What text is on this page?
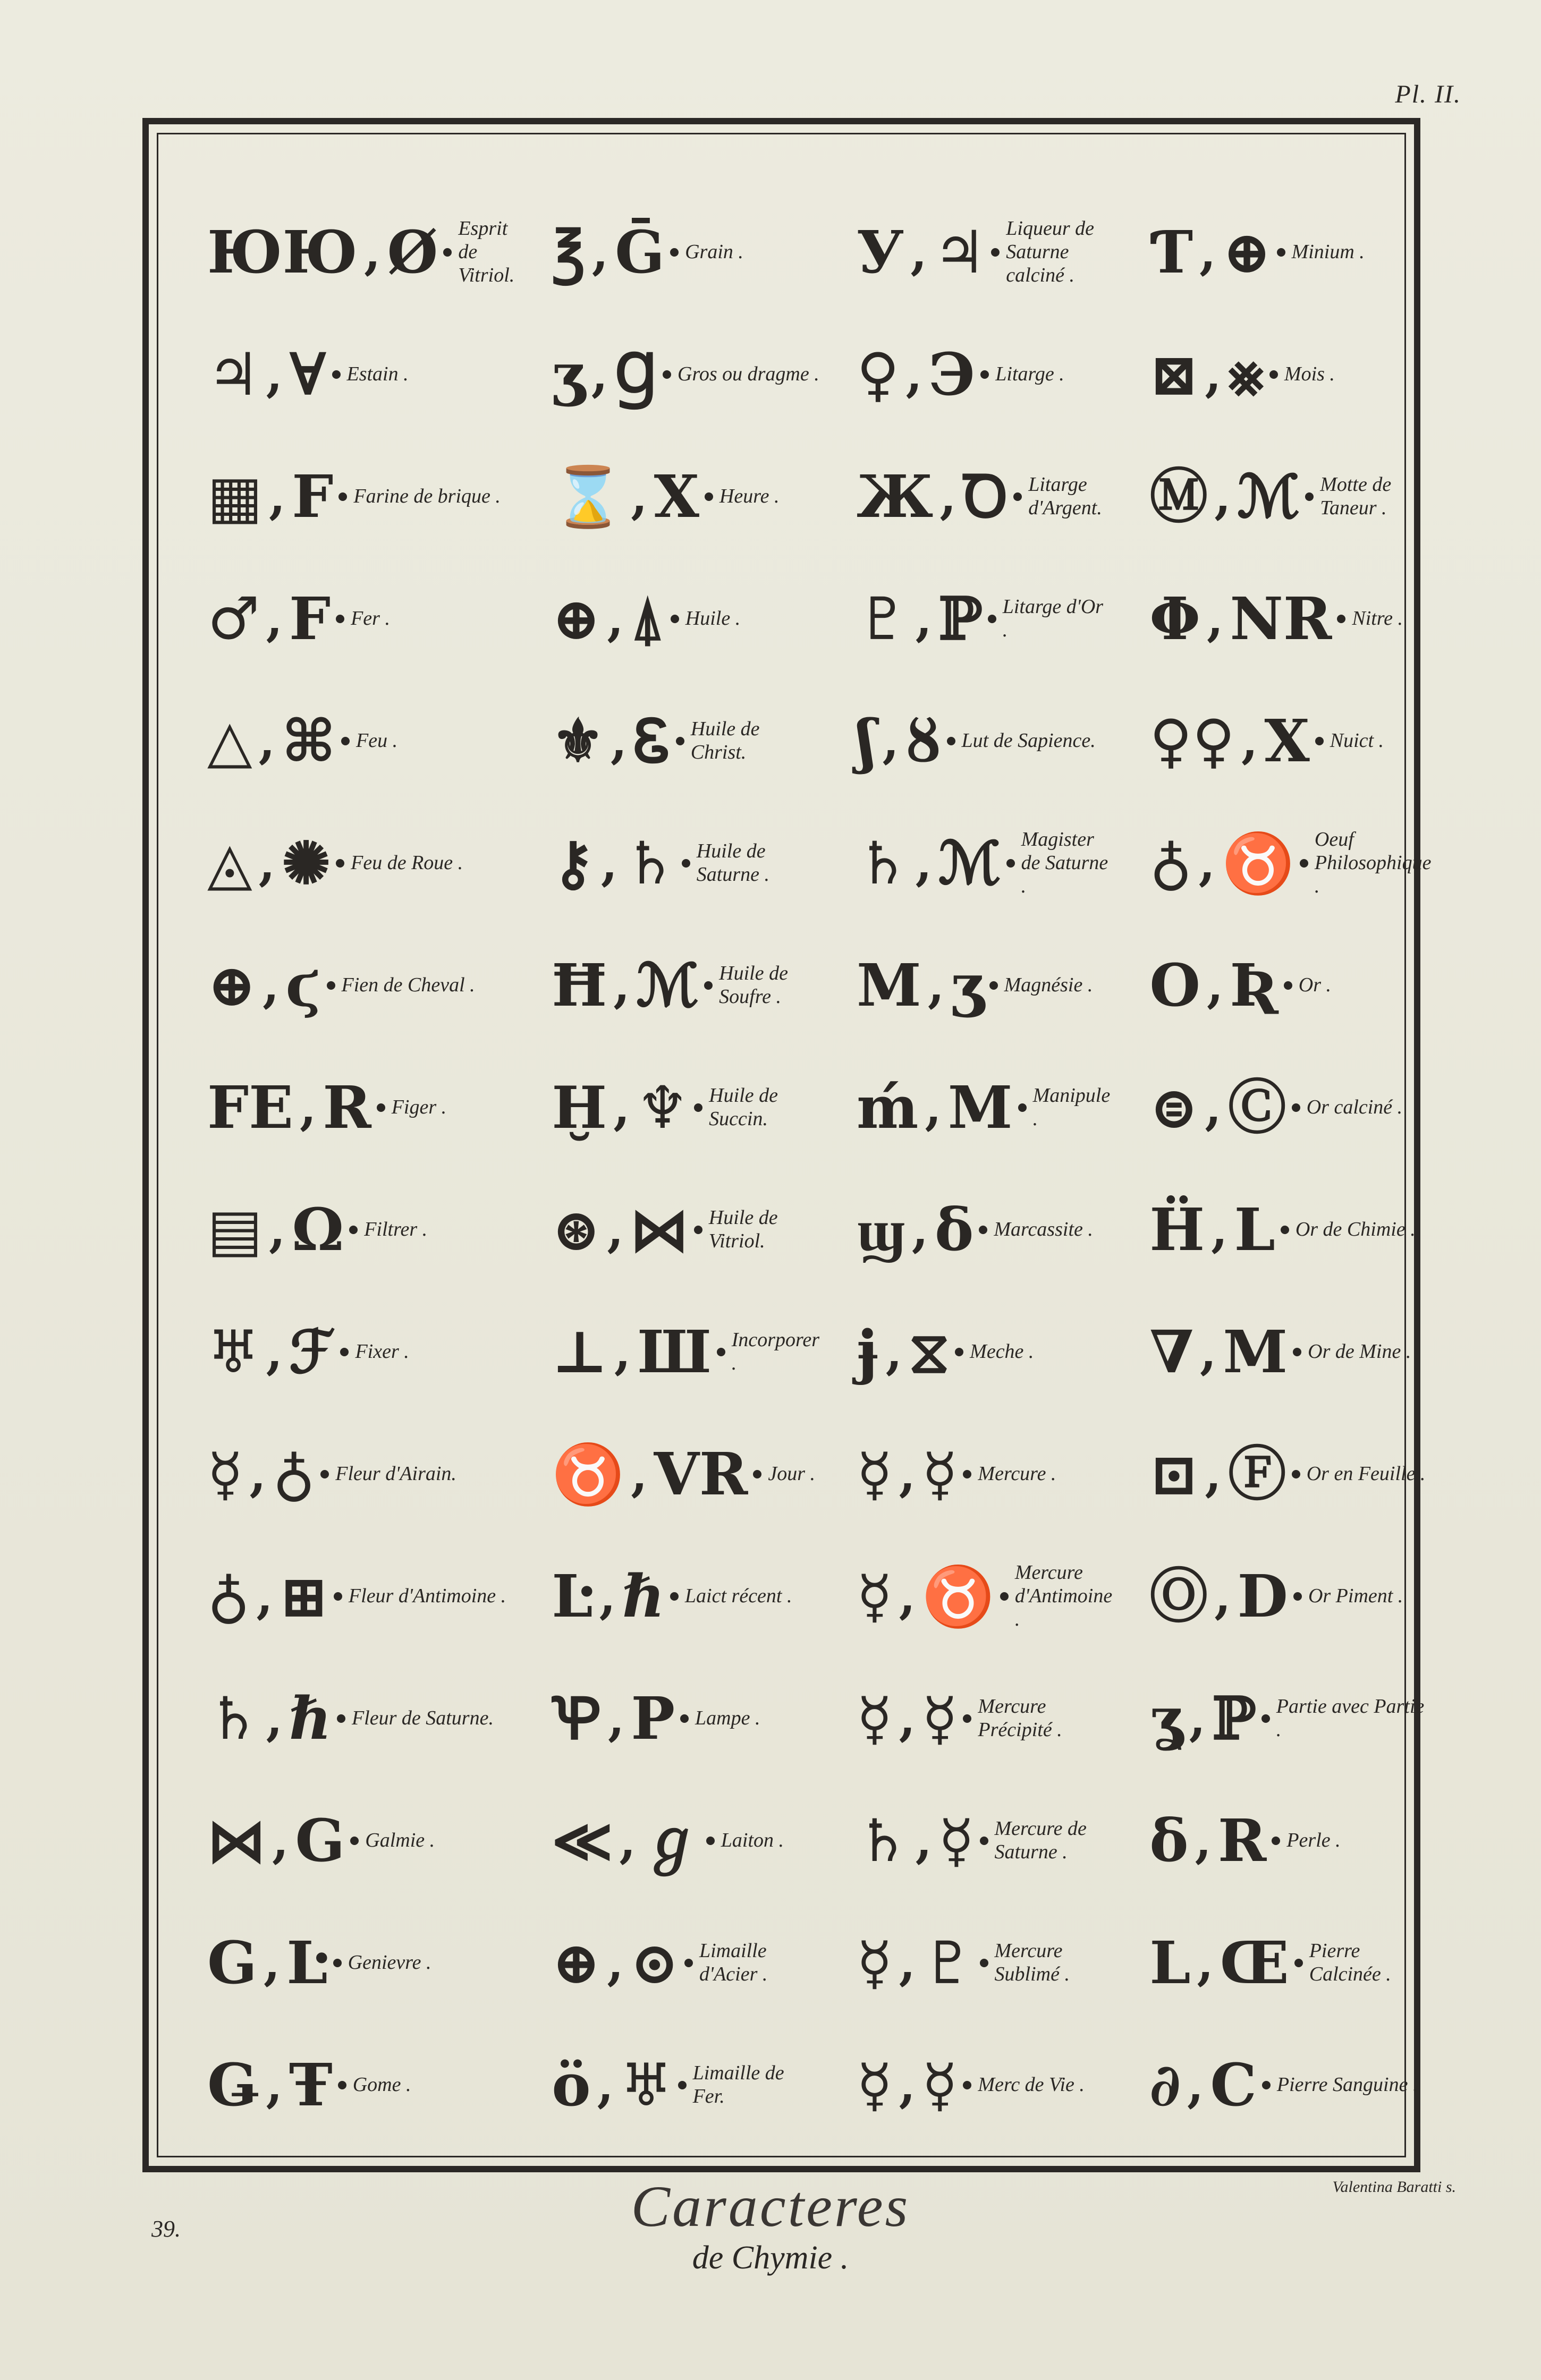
Pl. II.
ЮЮ , Ø Esprit de Vitriol.
♃ , ∀ Estain .
▦ , F Farine de brique .
♂ , F Fer .
△ , ⌘ Feu .
◬ , ✺ Feu de Roue .
⊕ , ϛ Fien de Cheval .
FE , R Figer .
▤ , Ω Filtrer .
♅ , ℱ Fixer .
☿ , ♁ Fleur d'Airain.
♁ , ⊞ Fleur d'Antimoine .
♄ , ℏ Fleur de Saturne.
⋈ , G Galmie .
G , Ŀ Genievre .
Ǥ , Ŧ Gome .
℥ , Ḡ Grain .
ʒ , Ɡ Gros ou dragme .
⌛ , X Heure .
⊕ , ⍋ Huile .
⚜ , Ꮛ Huile de Christ.
⚷ , ♄ Huile de Saturne .
Ħ , ℳ Huile de Soufre .
Ḫ , ♆ Huile de Succin.
⊛ , ⋈ Huile de Vitriol.
⊥ , Ш Incorporer .
♉ , VR Jour .
Ŀ , ℏ Laict récent .
Ꝕ , P Lampe .
≪ , ℊ Laiton .
⊕ , ⊙ Limaille d'Acier .
ö , ♅ Limaille de Fer.
У , ♃ Liqueur de Saturne calciné .
♀ , Э Litarge .
Ж , Ꝺ Litarge d'Argent.
♇ , ℙ Litarge d'Or .
ʃ , ȣ Lut de Sapience.
♄ , ℳ Magister de Saturne .
M , ʒ Magnésie .
ḿ , M Manipule .
ϣ , δ Marcassite .
ɉ , ⧖ Meche .
☿ , ☿ Mercure .
☿ , ♉ Mercure d'Antimoine .
☿ , ☿ Mercure Précipité .
♄ , ☿ Mercure de Saturne .
☿ , ♇ Mercure Sublimé .
☿ , ☿ Merc de Vie .
Ƭ , ⊕ Minium .
⊠ , ⨳ Mois .
Ⓜ , ℳ Motte de Taneur .
Φ , NR Nitre .
♀♀ , X Nuict .
♁ , ♉ Oeuf Philosophique .
O , Ʀ Or .
⊜ , Ⓒ Or calciné .
Ḧ , L Or de Chimie .
∇ , M Or de Mine .
⊡ , Ⓕ Or en Feuille .
Ⓞ , D Or Piment .
ʓ , ℙ Partie avec Partie .
δ , R Perle .
L , Œ Pierre Calcinée .
∂ , C Pierre Sanguine .
Valentina Baratti s.
39.	Caracteres
de Chymie .
